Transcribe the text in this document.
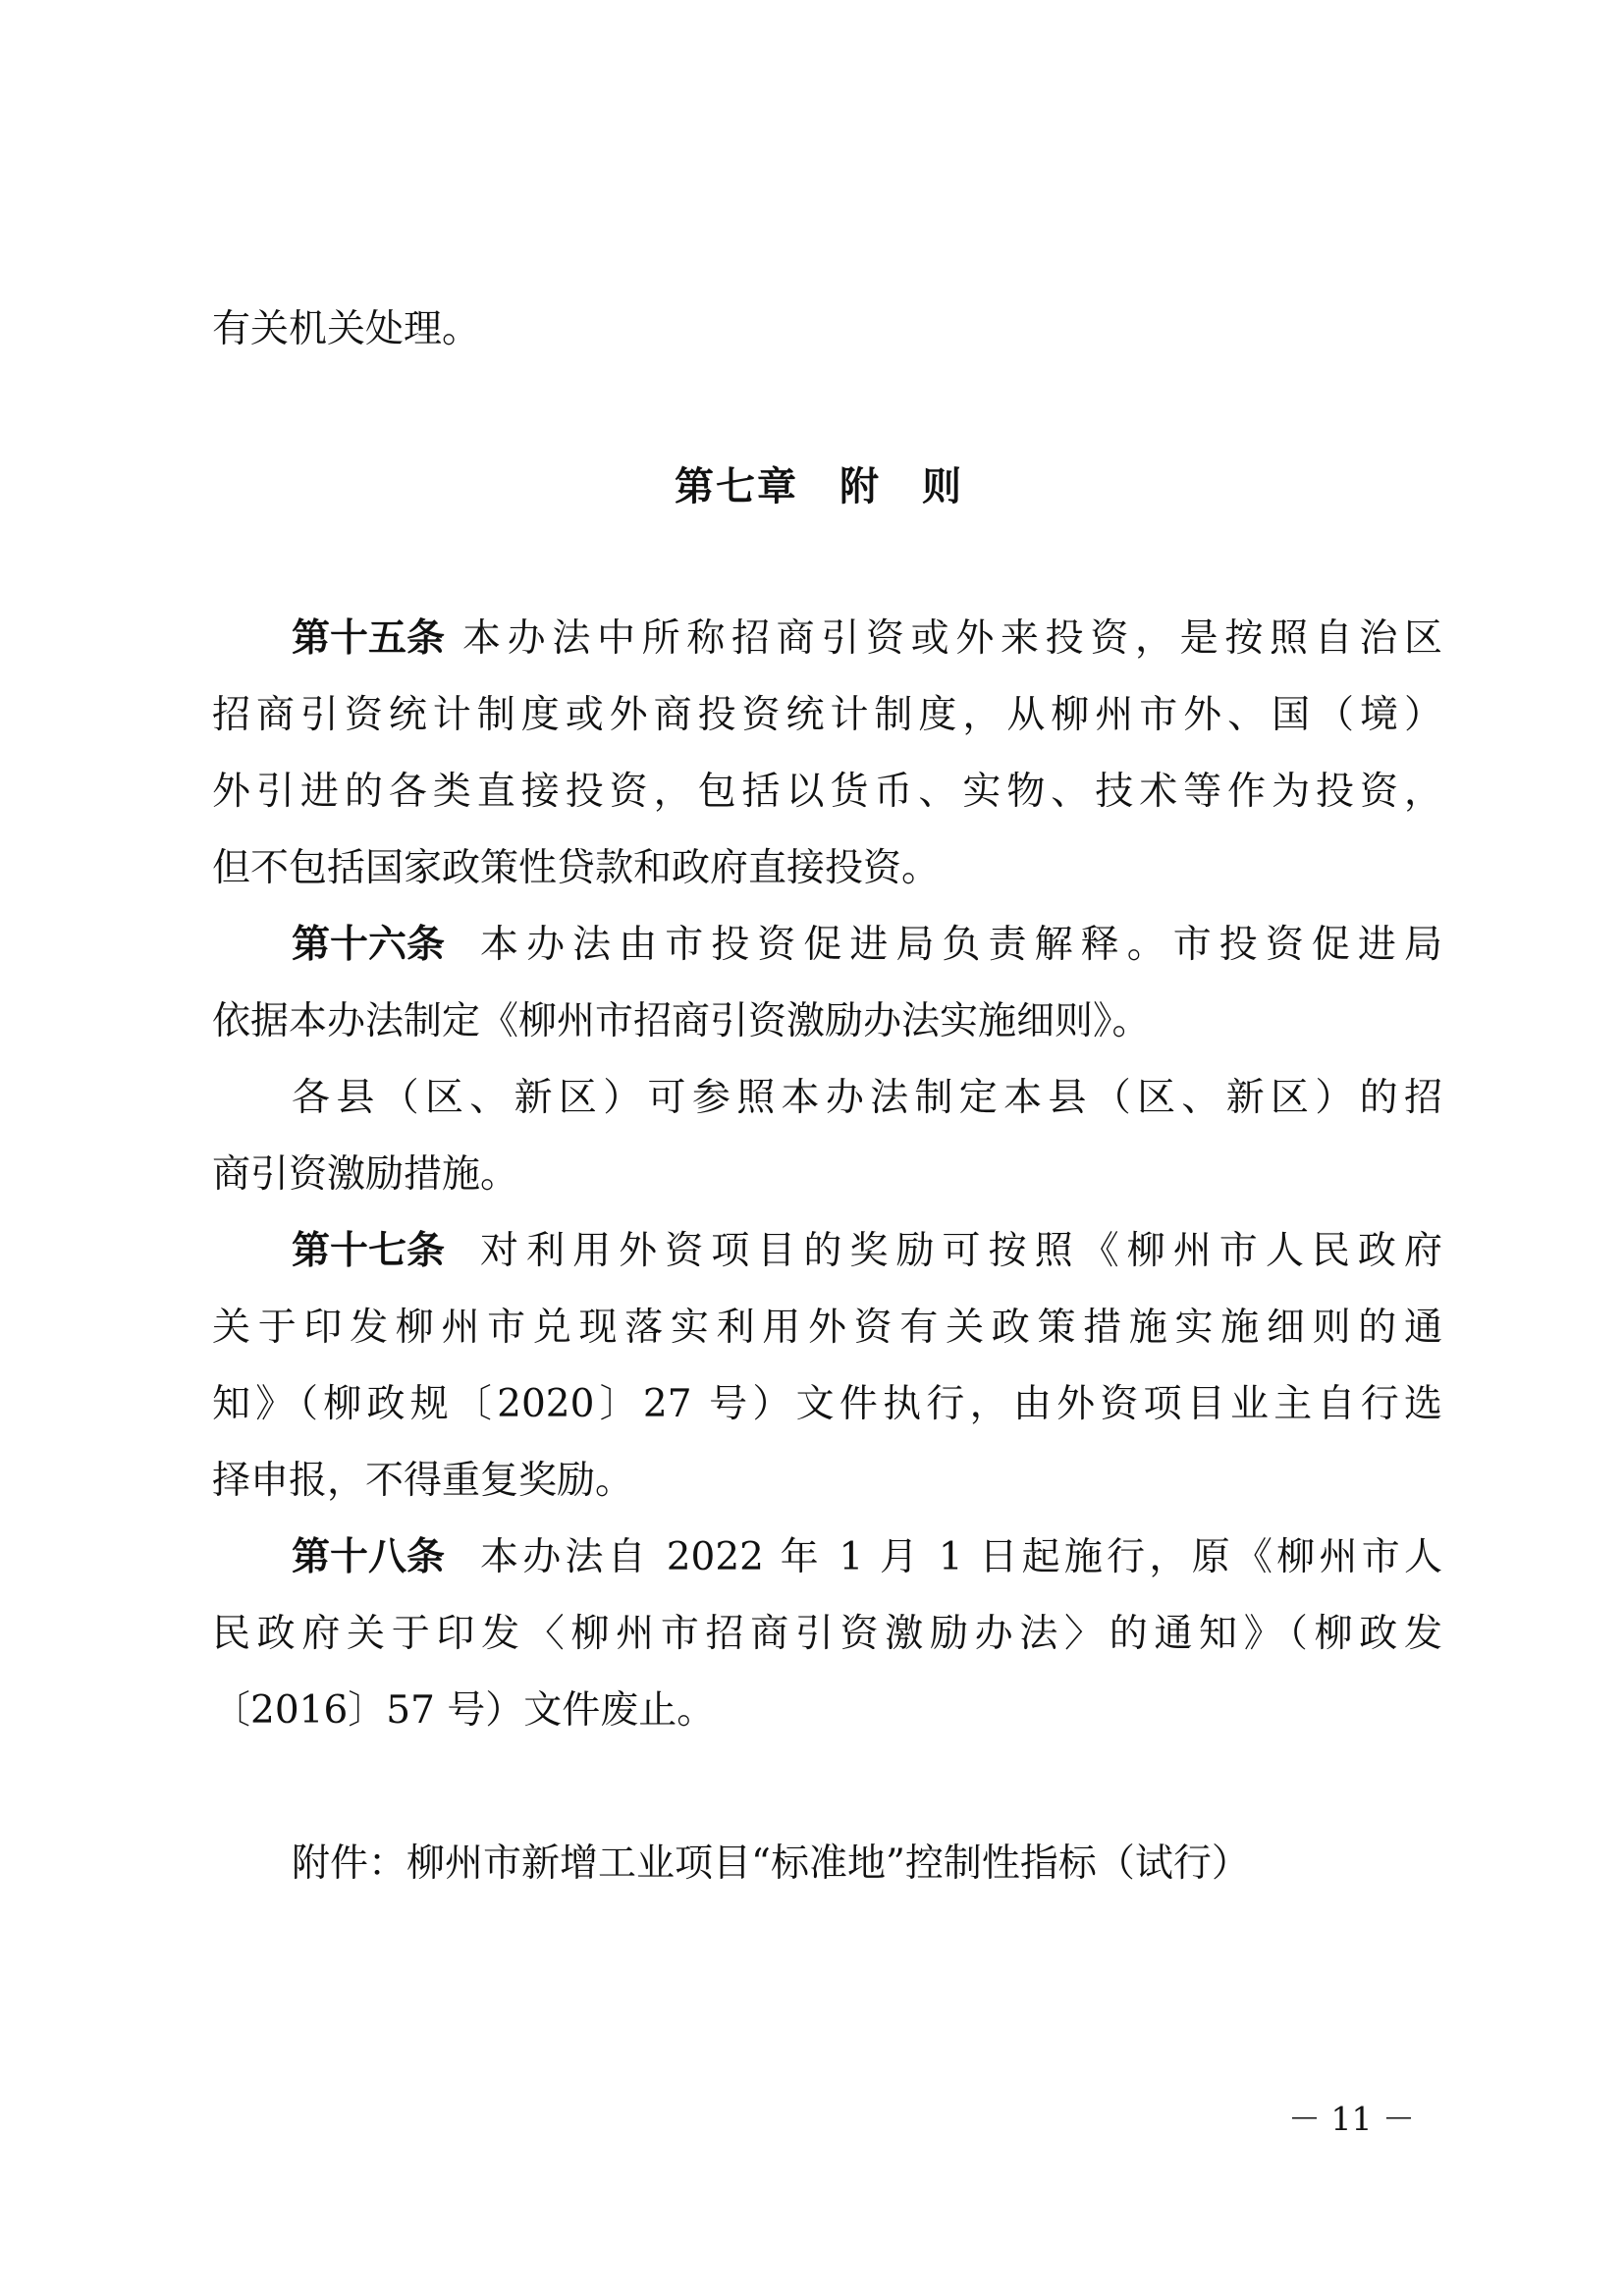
有关机关处理。
第七章　附　则
第十五条 本办法中所称招商引资或外来投资，是按照自治区
招商引资统计制度或外商投资统计制度，从柳州市外、国（境）
外引进的各类直接投资，包括以货币、实物、技术等作为投资，
但不包括国家政策性贷款和政府直接投资。
第十六条 本办法由市投资促进局负责解释。市投资促进局
依据本办法制定《柳州市招商引资激励办法实施细则》。
各县（区、新区）可参照本办法制定本县（区、新区）的招
商引资激励措施。
第十七条 对利用外资项目的奖励可按照《柳州市人民政府
关于印发柳州市兑现落实利用外资有关政策措施实施细则的通
知》（柳政规〔2020〕27 号）文件执行，由外资项目业主自行选
择申报，不得重复奖励。
第十八条 本办法自 2022 年 1 月 1 日起施行，原《柳州市人
民政府关于印发〈柳州市招商引资激励办法〉的通知》（柳政发
〔2016〕57 号）文件废止。
附件：柳州市新增工业项目“标准地”控制性指标（试行）
－ 11 －
